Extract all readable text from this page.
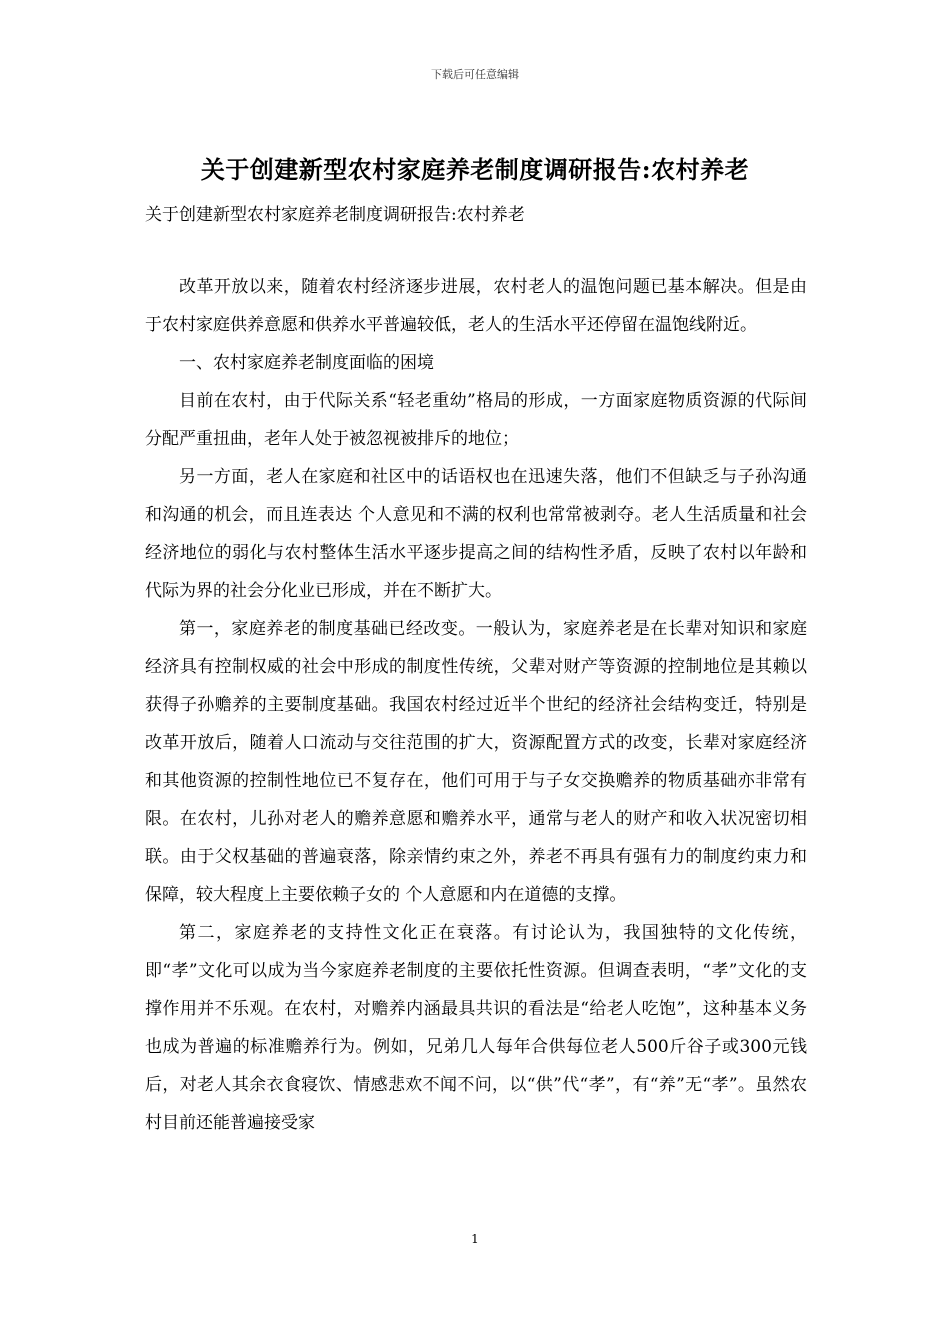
下载后可任意编辑
关于创建新型农村家庭养老制度调研报告:农村养老

关于创建新型农村家庭养老制度调研报告:农村养老

改革开放以来，随着农村经济逐步进展，农村老人的温饱问题已基本解决。但是由于农村家庭供养意愿和供养水平普遍较低，老人的生活水平还停留在温饱线附近。

一、农村家庭养老制度面临的困境

目前在农村，由于代际关系“轻老重幼”格局的形成，一方面家庭物质资源的代际间分配严重扭曲，老年人处于被忽视被排斥的地位；

另一方面，老人在家庭和社区中的话语权也在迅速失落，他们不但缺乏与子孙沟通和沟通的机会，而且连表达 个人意见和不满的权利也常常被剥夺。老人生活质量和社会经济地位的弱化与农村整体生活水平逐步提高之间的结构性矛盾，反映了农村以年龄和代际为界的社会分化业已形成，并在不断扩大。

第一，家庭养老的制度基础已经改变。一般认为，家庭养老是在长辈对知识和家庭经济具有控制权威的社会中形成的制度性传统，父辈对财产等资源的控制地位是其赖以获得子孙赡养的主要制度基础。我国农村经过近半个世纪的经济社会结构变迁，特别是改革开放后，随着人口流动与交往范围的扩大，资源配置方式的改变，长辈对家庭经济和其他资源的控制性地位已不复存在，他们可用于与子女交换赡养的物质基础亦非常有限。在农村，儿孙对老人的赡养意愿和赡养水平，通常与老人的财产和收入状况密切相联。由于父权基础的普遍衰落，除亲情约束之外，养老不再具有强有力的制度约束力和保障，较大程度上主要依赖子女的 个人意愿和内在道德的支撑。

第二，家庭养老的支持性文化正在衰落。有讨论认为，我国独特的文化传统，即“孝”文化可以成为当今家庭养老制度的主要依托性资源。但调查表明，“孝”文化的支撑作用并不乐观。在农村，对赡养内涵最具共识的看法是“给老人吃饱”，这种基本义务也成为普遍的标准赡养行为。例如，兄弟几人每年合供每位老人500斤谷子或300元钱后，对老人其余衣食寝饮、情感悲欢不闻不问，以“供”代“孝”，有“养”无“孝”。虽然农村目前还能普遍接受家

1
